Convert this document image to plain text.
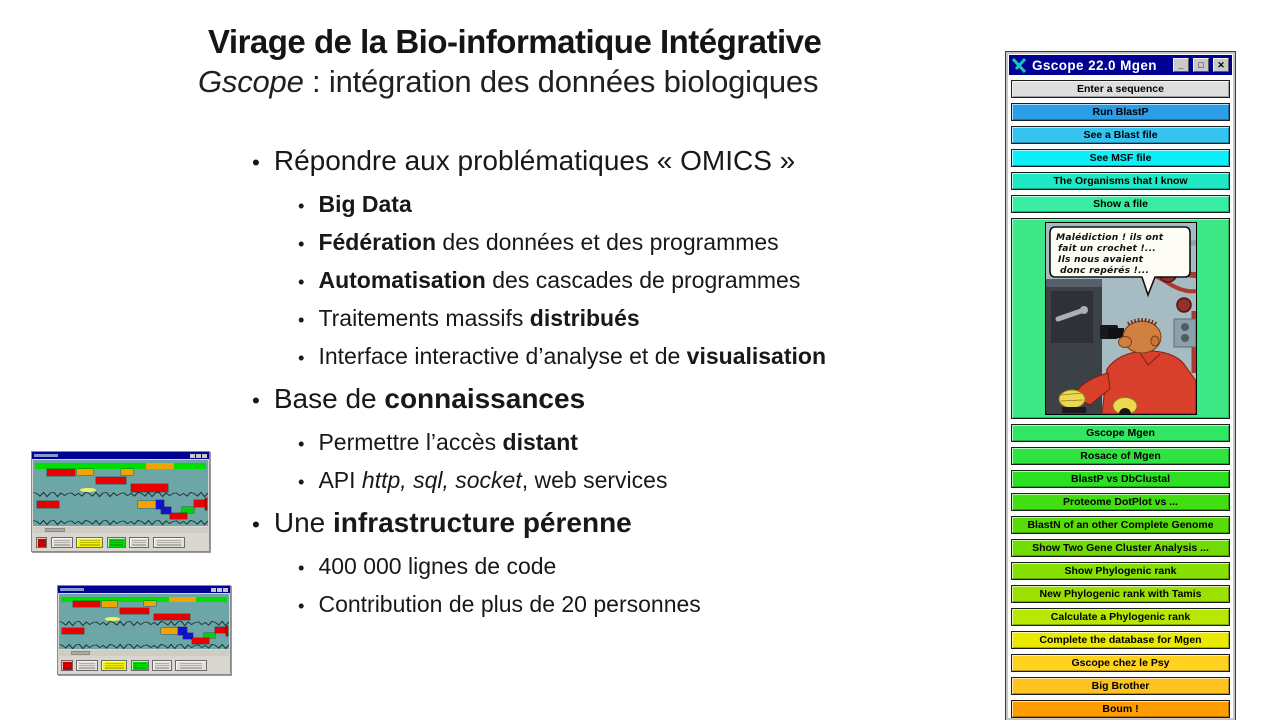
Virage de la Bio-informatique Intégrative
Gscope : intégration des données biologiques
• Répondre aux problématiques « OMICS »
• Big Data
• Fédération des données et des programmes
• Automatisation des cascades de programmes
• Traitements massifs distribués
• Interface interactive d’analyse et de visualisation
• Base de connaissances
• Permettre l’accès distant
• API http, sql, socket, web services
• Une infrastructure pérenne
• 400 000 lignes de code
• Contribution de plus de 20 personnes
Gscope 22.0 Mgen	_	□	✕
Enter a sequence
Run BlastP
See a Blast file
See MSF file
The Organisms that I know
Show a file
Malédiction ! ils ont
fait un crochet !...
Ils nous avaient
donc repérés !...
Gscope Mgen
Rosace of Mgen
BlastP vs DbClustal
Proteome DotPlot vs ...
BlastN of an other Complete Genome
Show Two Gene Cluster Analysis ...
Show Phylogenic rank
New Phylogenic rank with Tamis
Calculate a Phylogenic rank
Complete the database for Mgen
Gscope chez le Psy
Big Brother
Boum !
